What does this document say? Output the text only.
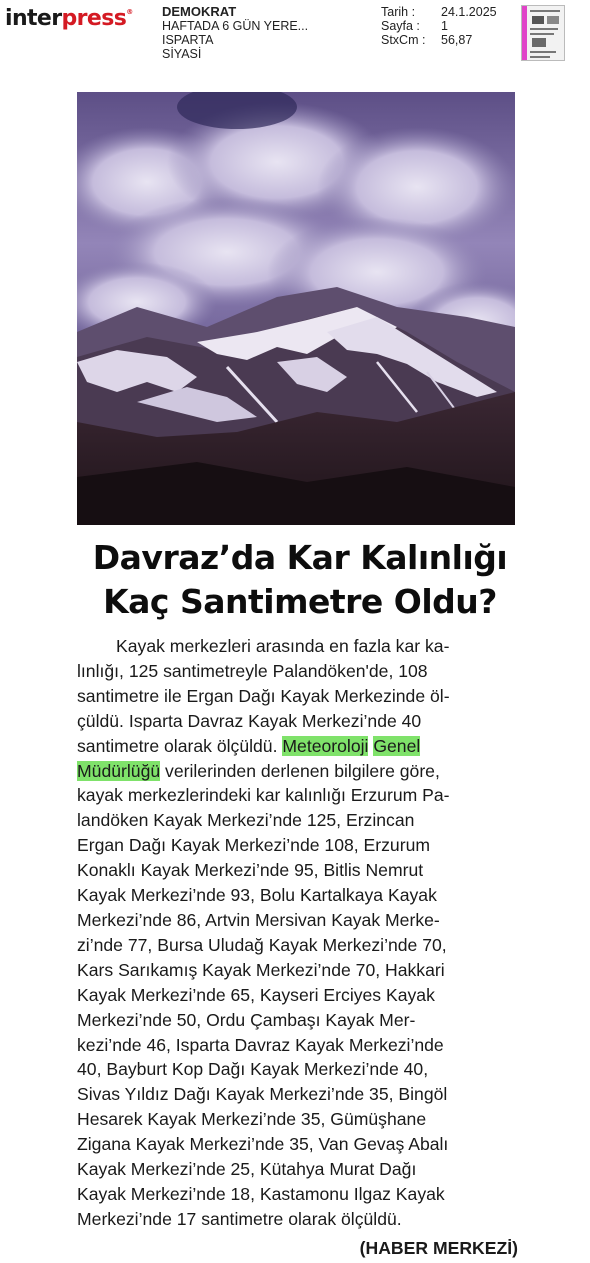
interpress® DEMOKRAT
HAFTADA 6 GÜN YERE...
ISPARTA
SİYASİ
Tarih :	24.1.2025
Sayfa :	1
StxCm :	56,87
Davraz’da Kar Kalınlığı
Kaç Santimetre Oldu?
Kayak merkezleri arasında en fazla kar ka-
lınlığı, 125 santimetreyle Palandöken'de, 108
santimetre ile Ergan Dağı Kayak Merkezinde öl-
çüldü. Isparta Davraz Kayak Merkezi’nde 40
santimetre olarak ölçüldü. Meteoroloji Genel
Müdürlüğü verilerinden derlenen bilgilere göre,
kayak merkezlerindeki kar kalınlığı Erzurum Pa-
landöken Kayak Merkezi’nde 125, Erzincan
Ergan Dağı Kayak Merkezi’nde 108, Erzurum
Konaklı Kayak Merkezi’nde 95, Bitlis Nemrut
Kayak Merkezi’nde 93, Bolu Kartalkaya Kayak
Merkezi’nde 86, Artvin Mersivan Kayak Merke-
zi’nde 77, Bursa Uludağ Kayak Merkezi’nde 70,
Kars Sarıkamış Kayak Merkezi’nde 70, Hakkari
Kayak Merkezi’nde 65, Kayseri Erciyes Kayak
Merkezi’nde 50, Ordu Çambaşı Kayak Mer-
kezi’nde 46, Isparta Davraz Kayak Merkezi’nde
40, Bayburt Kop Dağı Kayak Merkezi’nde 40,
Sivas Yıldız Dağı Kayak Merkezi’nde 35, Bingöl
Hesarek Kayak Merkezi’nde 35, Gümüşhane
Zigana Kayak Merkezi’nde 35, Van Gevaş Abalı
Kayak Merkezi’nde 25, Kütahya Murat Dağı
Kayak Merkezi’nde 18, Kastamonu Ilgaz Kayak
Merkezi’nde 17 santimetre olarak ölçüldü.
(HABER MERKEZİ)
